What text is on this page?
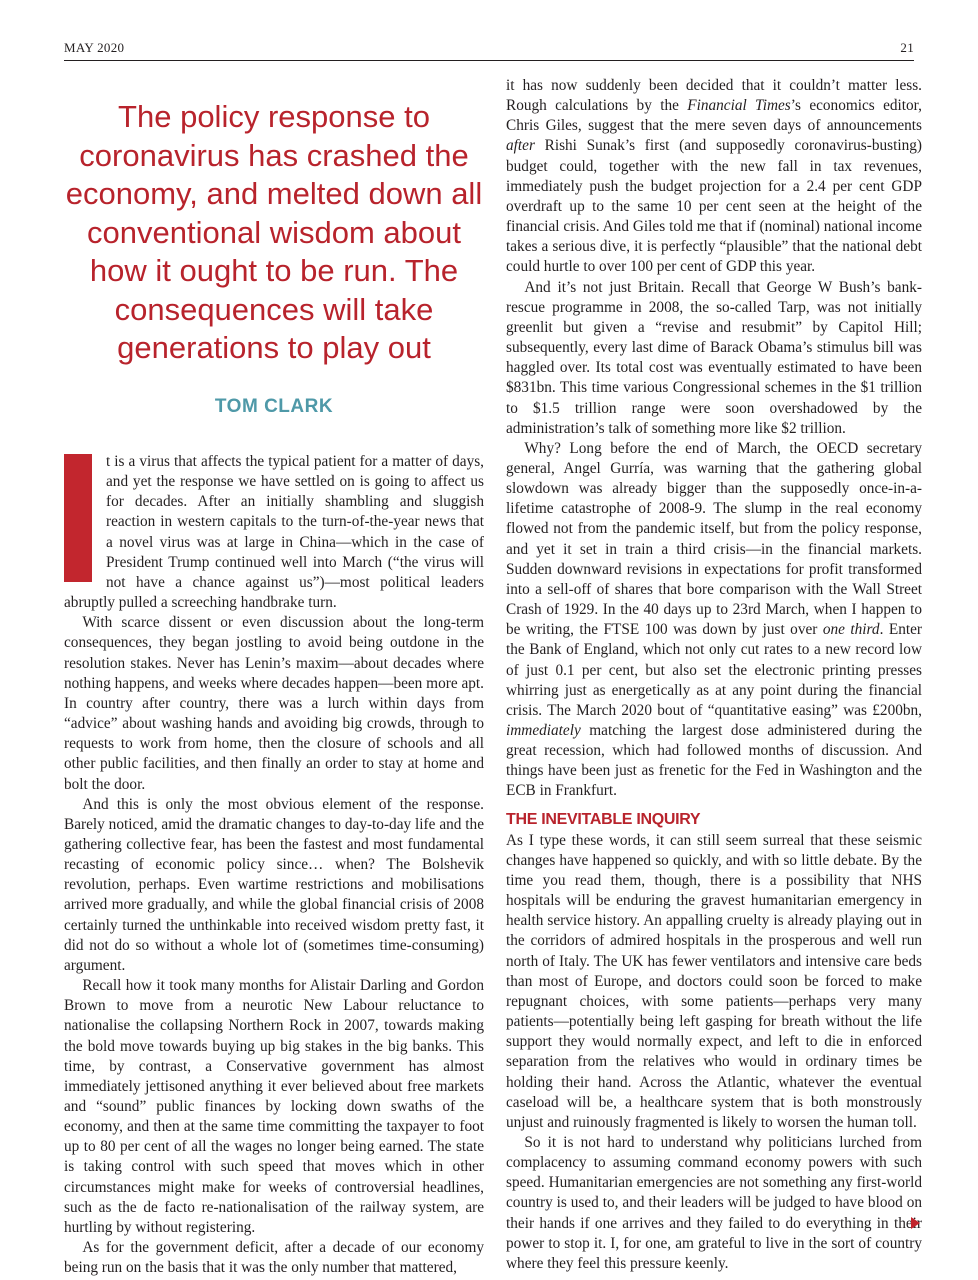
MAY 2020	21
The policy response to coronavirus has crashed the economy, and melted down all conventional wisdom about how it ought to be run. The consequences will take generations to play out
TOM CLARK

t is a virus that affects the typical patient for a matter of days, and yet the response we have settled on is going to affect us for decades. After an initially shambling and sluggish reaction in western capitals to the turn-of-the-year news that a novel virus was at large in China—which in the case of President Trump continued well into March (“the virus will not have a chance against us”)—most political leaders abruptly pulled a screeching handbrake turn.

With scarce dissent or even discussion about the long-term consequences, they began jostling to avoid being outdone in the resolution stakes. Never has Lenin’s maxim—about decades where nothing happens, and weeks where decades happen—been more apt. In country after country, there was a lurch within days from “advice” about washing hands and avoiding big crowds, through to requests to work from home, then the closure of schools and all other public facilities, and then finally an order to stay at home and bolt the door.

And this is only the most obvious element of the response. Barely noticed, amid the dramatic changes to day-to-day life and the gathering collective fear, has been the fastest and most fundamental recasting of economic policy since… when? The Bolshevik revolution, perhaps. Even wartime restrictions and mobilisations arrived more gradually, and while the global financial crisis of 2008 certainly turned the unthinkable into received wisdom pretty fast, it did not do so without a whole lot of (sometimes time-consuming) argument.

Recall how it took many months for Alistair Darling and Gordon Brown to move from a neurotic New Labour reluctance to nationalise the collapsing Northern Rock in 2007, towards making the bold move towards buying up big stakes in the big banks. This time, by contrast, a Conservative government has almost immediately jettisoned anything it ever believed about free markets and “sound” public finances by locking down swaths of the economy, and then at the same time committing the taxpayer to foot up to 80 per cent of all the wages no longer being earned. The state is taking control with such speed that moves which in other circumstances might make for weeks of controversial headlines, such as the de facto re-nationalisation of the railway system, are hurtling by without registering.

As for the government deficit, after a decade of our economy being run on the basis that it was the only number that mattered,

it has now suddenly been decided that it couldn’t matter less. Rough calculations by the Financial Times’s economics editor, Chris Giles, suggest that the mere seven days of announcements after Rishi Sunak’s first (and supposedly coronavirus-busting) budget could, together with the new fall in tax revenues, immediately push the budget projection for a 2.4 per cent GDP overdraft up to the same 10 per cent seen at the height of the financial crisis. And Giles told me that if (nominal) national income takes a serious dive, it is perfectly “plausible” that the national debt could hurtle to over 100 per cent of GDP this year.

And it’s not just Britain. Recall that George W Bush’s bank-rescue programme in 2008, the so-called Tarp, was not initially greenlit but given a “revise and resubmit” by Capitol Hill; subsequently, every last dime of Barack Obama’s stimulus bill was haggled over. Its total cost was eventually estimated to have been $831bn. This time various Congressional schemes in the $1 trillion to $1.5 trillion range were soon overshadowed by the administration’s talk of something more like $2 trillion.

Why? Long before the end of March, the OECD secretary general, Angel Gurría, was warning that the gathering global slowdown was already bigger than the supposedly once-in-a-lifetime catastrophe of 2008-9. The slump in the real economy flowed not from the pandemic itself, but from the policy response, and yet it set in train a third crisis—in the financial markets. Sudden downward revisions in expectations for profit transformed into a sell-off of shares that bore comparison with the Wall Street Crash of 1929. In the 40 days up to 23rd March, when I happen to be writing, the FTSE 100 was down by just over one third. Enter the Bank of England, which not only cut rates to a new record low of just 0.1 per cent, but also set the electronic printing presses whirring just as energetically as at any point during the financial crisis. The March 2020 bout of “quantitative easing” was £200bn, immediately matching the largest dose administered during the great recession, which had followed months of discussion. And things have been just as frenetic for the Fed in Washington and the ECB in Frankfurt.

THE INEVITABLE INQUIRY

As I type these words, it can still seem surreal that these seismic changes have happened so quickly, and with so little debate. By the time you read them, though, there is a possibility that NHS hospitals will be enduring the gravest humanitarian emergency in health service history. An appalling cruelty is already playing out in the corridors of admired hospitals in the prosperous and well run north of Italy. The UK has fewer ventilators and intensive care beds than most of Europe, and doctors could soon be forced to make repugnant choices, with some patients—perhaps very many patients—potentially being left gasping for breath without the life support they would normally expect, and left to die in enforced separation from the relatives who would in ordinary times be holding their hand. Across the Atlantic, whatever the eventual caseload will be, a healthcare system that is both monstrously unjust and ruinously fragmented is likely to worsen the human toll.

So it is not hard to understand why politicians lurched from complacency to assuming command economy powers with such speed. Humanitarian emergencies are not something any first-world country is used to, and their leaders will be judged to have blood on their hands if one arrives and they failed to do everything in their power to stop it. I, for one, am grateful to live in the sort of country where they feel this pressure keenly.
